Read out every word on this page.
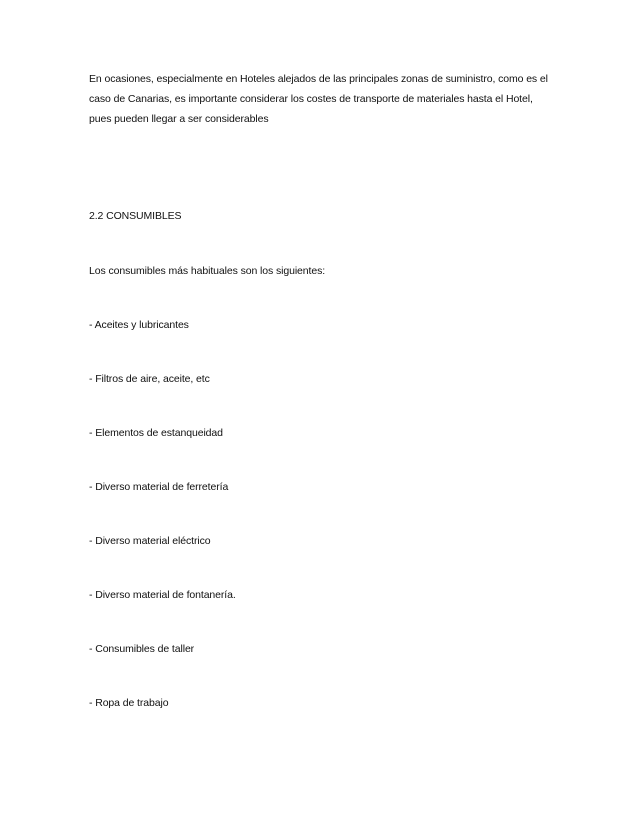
En ocasiones, especialmente en Hoteles alejados de las principales zonas de suministro, como es el
caso de Canarias, es importante considerar los costes de transporte de materiales hasta el Hotel,
pues pueden llegar a ser considerables

2.2 CONSUMIBLES

Los consumibles más habituales son los siguientes:

- Aceites y lubricantes

- Filtros de aire, aceite, etc

- Elementos de estanqueidad

- Diverso material de ferretería

- Diverso material eléctrico

- Diverso material de fontanería.

- Consumibles de taller

- Ropa de trabajo
